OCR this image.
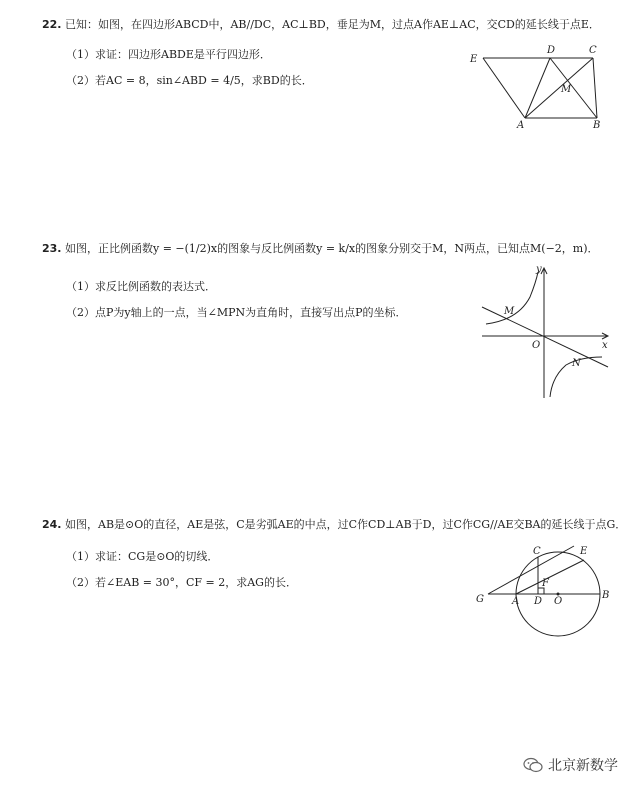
22. 已知：如图，在四边形ABCD中，AB//DC，AC⊥BD，垂足为M，过点A作AE⊥AC，交CD的延长线于点E．
（1）求证：四边形ABDE是平行四边形．
（2）若AC = 8，sin∠ABD = 4/5，求BD的长．
E
D	C
M
A	B
23. 如图，正比例函数y = −(1/2)x的图象与反比例函数y = k/x的图象分别交于M，N两点，已知点M(−2，m)．
（1）求反比例函数的表达式．
（2）点P为y轴上的一点，当∠MPN为直角时，直接写出点P的坐标．
y
x
O
M
N
24. 如图，AB是⊙O的直径，AE是弦，C是劣弧AE的中点，过C作CD⊥AB于D，过C作CG//AE交BA的延长线于点G．
（1）求证：CG是⊙O的切线．
（2）若∠EAB = 30°，CF = 2，求AG的长．
C	E
F
G	A D O
B
北京新数学
